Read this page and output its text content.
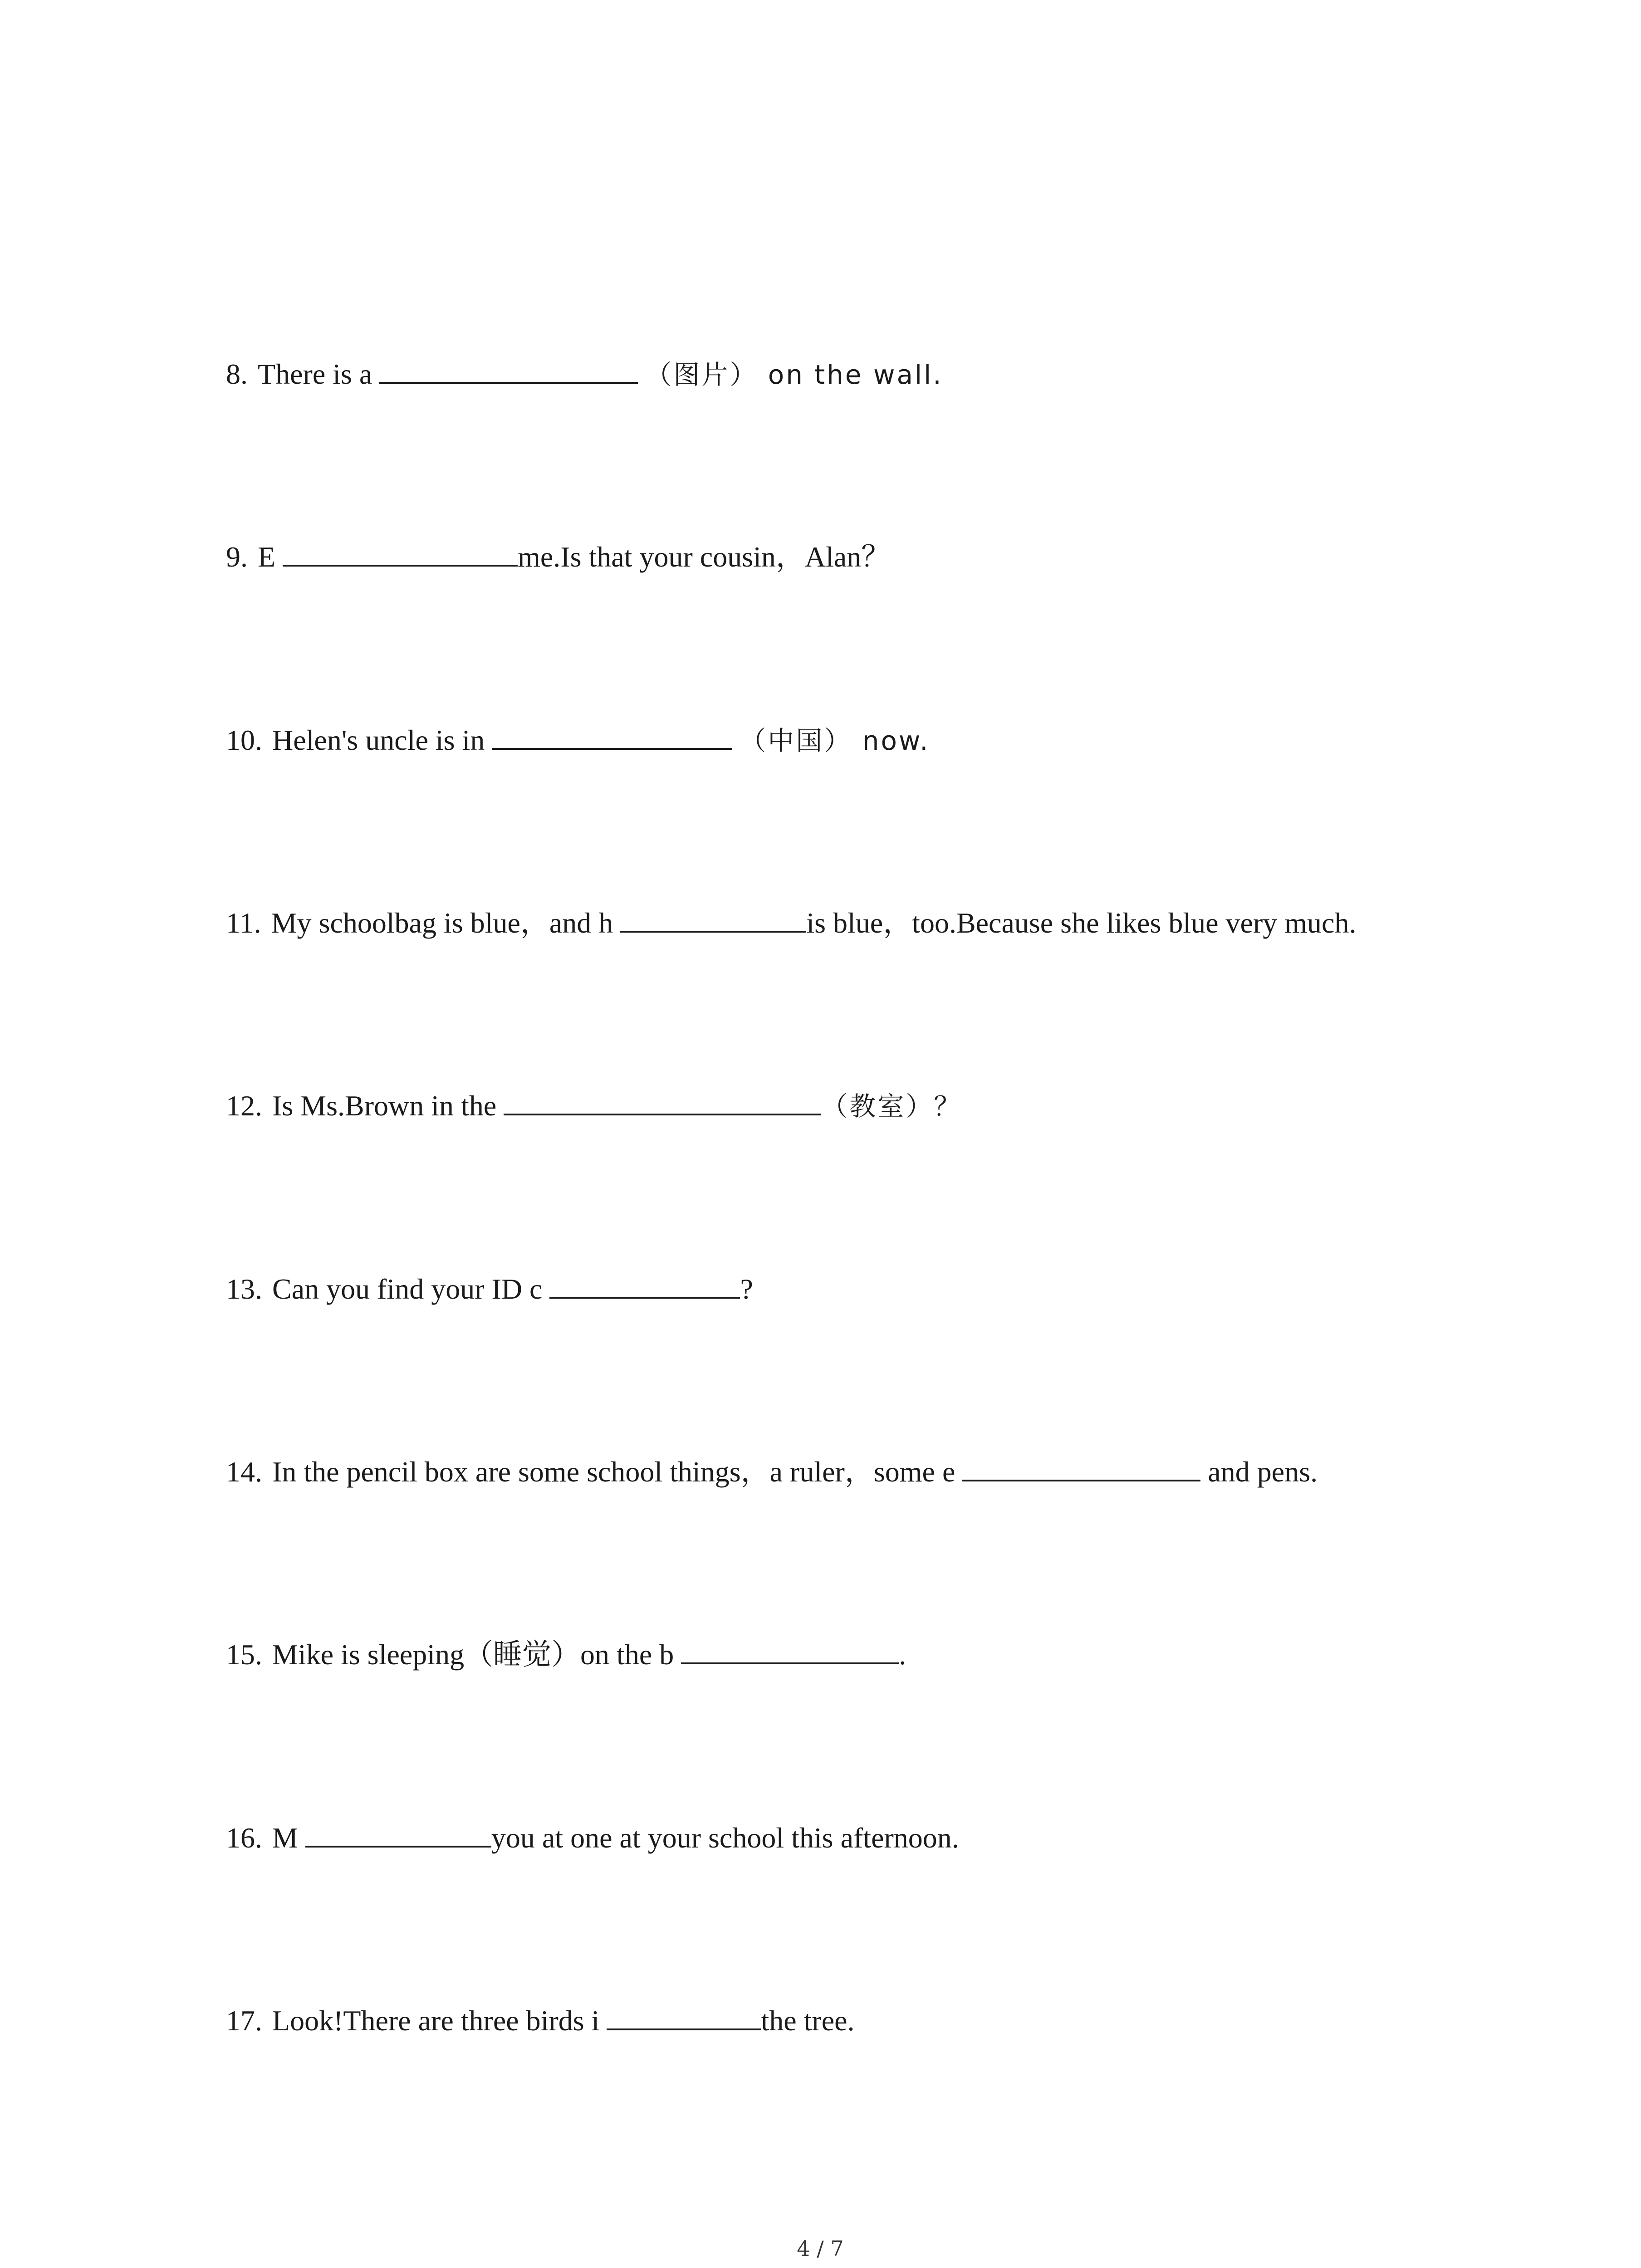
8. There is a	（图片） on the wall.
9. E	me.Is that your cousin，Alan？
10. Helen's uncle is in	（中国） now.
11. My schoolbag is blue，and h	is blue，too.Because she likes blue very much.
12. Is Ms.Brown in the	（教室）？
13. Can you find your ID c	?
14. In the pencil box are some school things，a ruler，some e	and pens.
15. Mike is sleeping（睡觉）on the b	.
16. M	you at one at your school this afternoon.
17. Look!There are three birds i	the tree.
4 / 7
